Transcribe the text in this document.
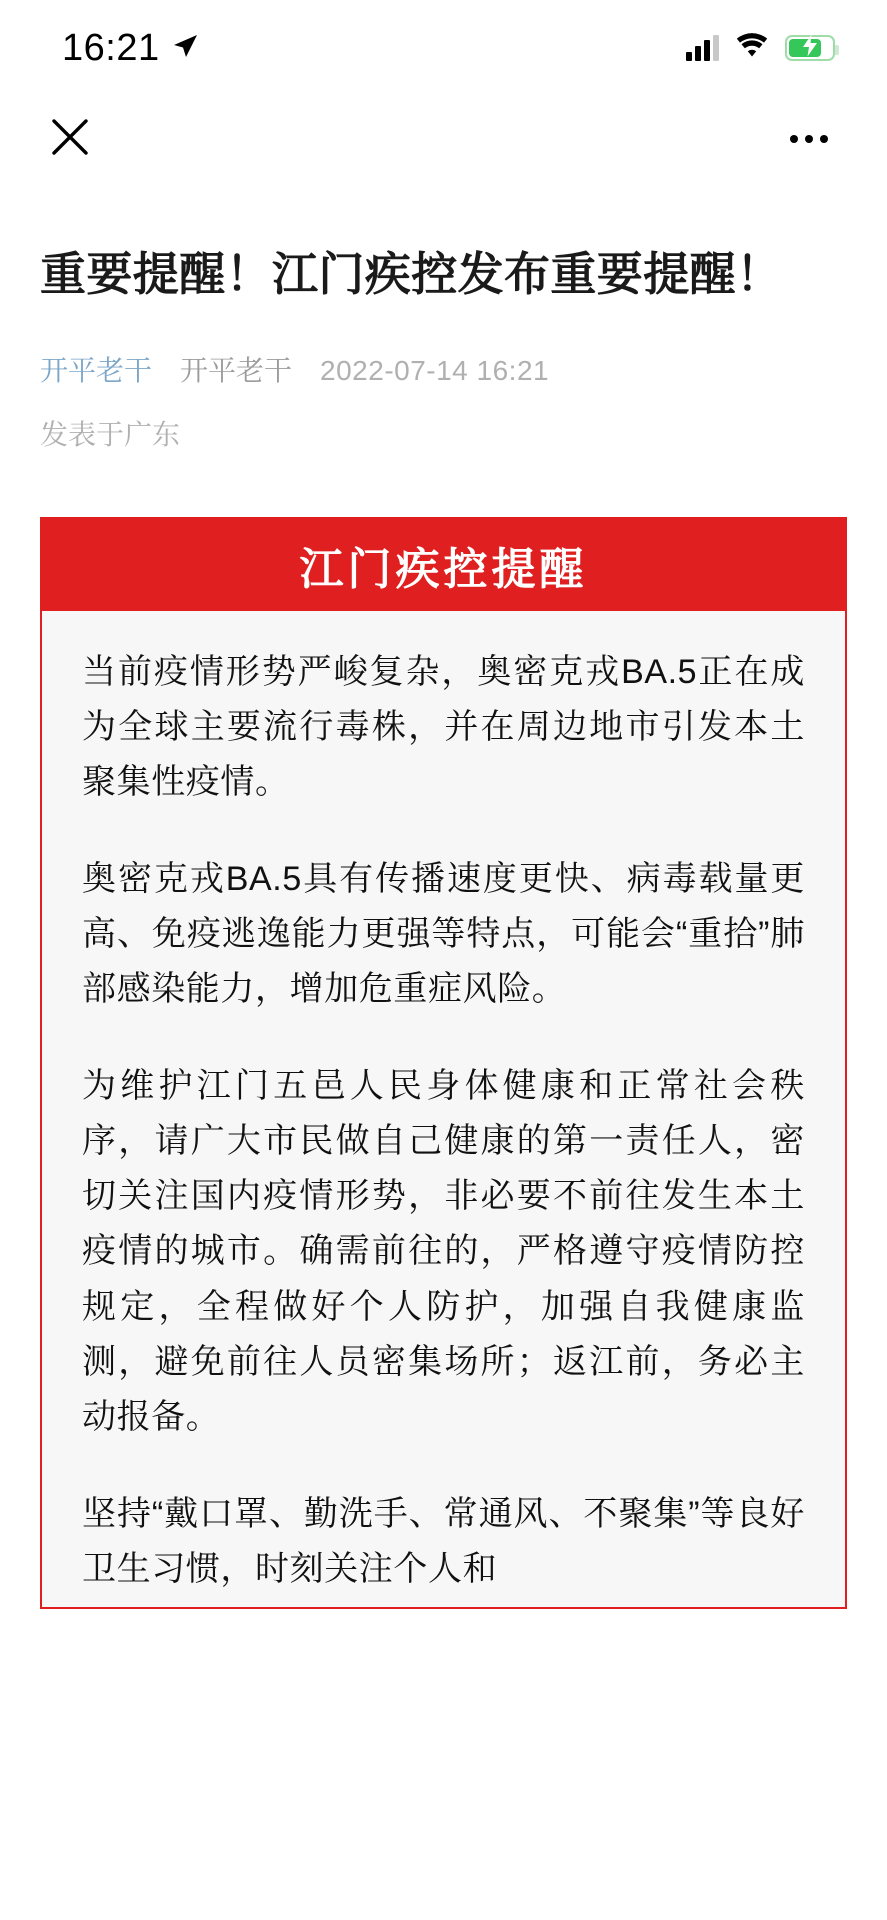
16:21
重要提醒！江门疾控发布重要提醒！
开平老干 开平老干 2022-07-14 16:21
发表于广东
江门疾控提醒

当前疫情形势严峻复杂，奥密克戎BA.5正在成为全球主要流行毒株，并在周边地市引发本土聚集性疫情。

奥密克戎BA.5具有传播速度更快、病毒载量更高、免疫逃逸能力更强等特点，可能会“重拾”肺部感染能力，增加危重症风险。

为维护江门五邑人民身体健康和正常社会秩序，请广大市民做自己健康的第一责任人，密切关注国内疫情形势，非必要不前往发生本土疫情的城市。确需前往的，严格遵守疫情防控规定，全程做好个人防护，加强自我健康监测，避免前往人员密集场所；返江前，务必主动报备。

坚持“戴口罩、勤洗手、常通风、不聚集”等良好卫生习惯，时刻关注个人和
